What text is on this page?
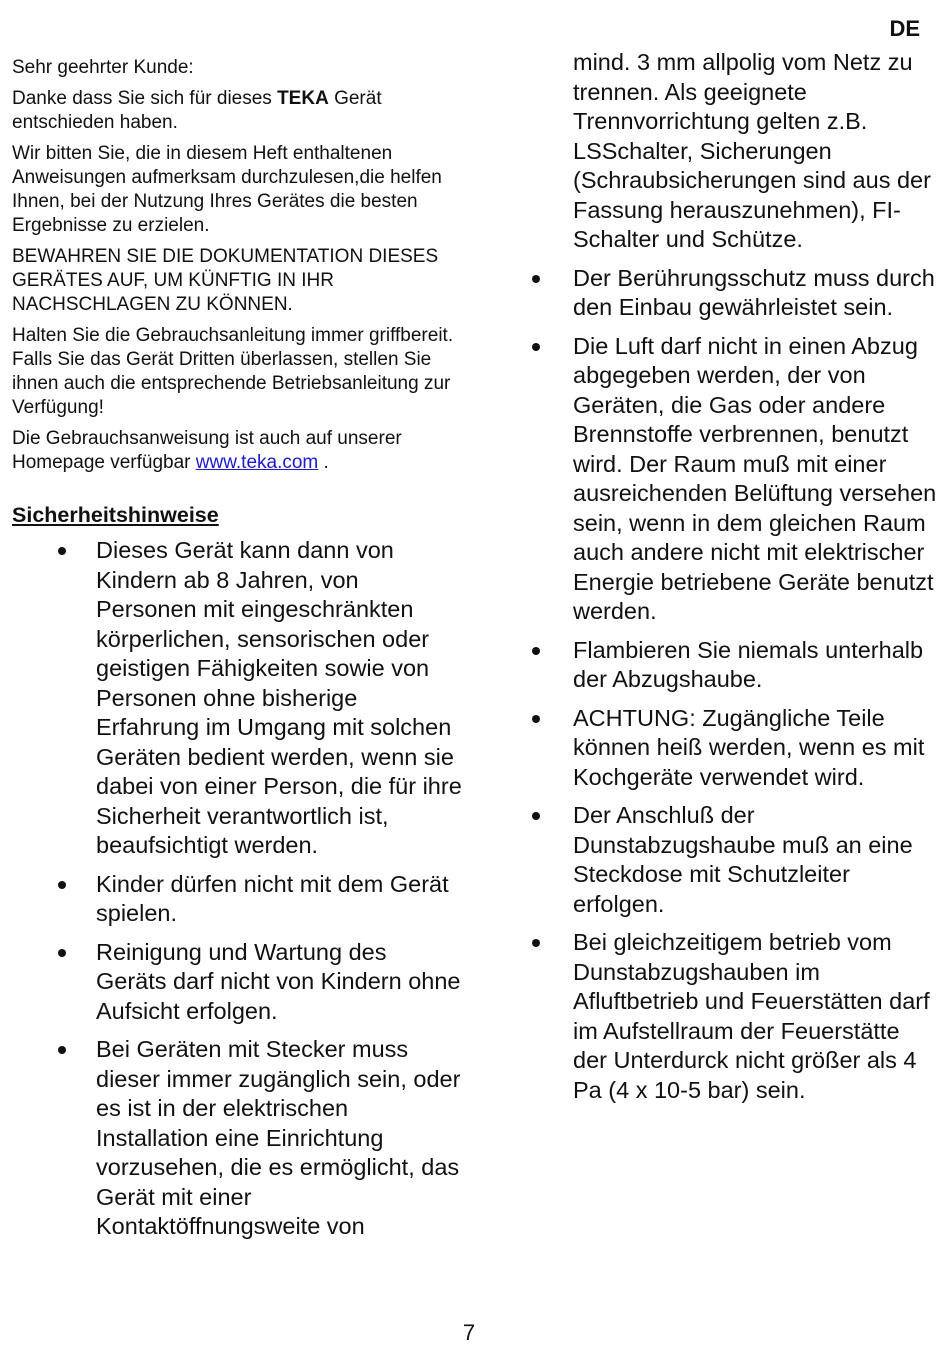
DE

Sehr geehrter Kunde:

Danke dass Sie sich für dieses TEKA Gerät entschieden haben.

Wir bitten Sie, die in diesem Heft enthaltenen Anweisungen aufmerksam durchzulesen,die helfen Ihnen, bei der Nutzung Ihres Gerätes die besten Ergebnisse zu erzielen.

BEWAHREN SIE DIE DOKUMENTATION DIESES GERÄTES AUF, UM KÜNFTIG IN IHR NACHSCHLAGEN ZU KÖNNEN.

Halten Sie die Gebrauchsanleitung immer griffbereit. Falls Sie das Gerät Dritten überlassen, stellen Sie ihnen auch die entsprechende Betriebsanleitung zur Verfügung!

Die Gebrauchsanweisung ist auch auf unserer Homepage verfügbar www.teka.com .

Sicherheitshinweise
Dieses Gerät kann dann von Kindern ab 8 Jahren, von Personen mit eingeschränkten körperlichen, sensorischen oder geistigen Fähigkeiten sowie von Personen ohne bisherige Erfahrung im Umgang mit solchen Geräten bedient werden, wenn sie dabei von einer Person, die für ihre Sicherheit verantwortlich ist, beaufsichtigt werden.
Kinder dürfen nicht mit dem Gerät spielen.
Reinigung und Wartung des Geräts darf nicht von Kindern ohne Aufsicht erfolgen.
Bei Geräten mit Stecker muss dieser immer zugänglich sein, oder es ist in der elektrischen Installation eine Einrichtung vorzusehen, die es ermöglicht, das Gerät mit einer Kontaktöffnungsweite von
mind. 3 mm allpolig vom Netz zu trennen. Als geeignete Trennvorrichtung gelten z.B. LSSchalter, Sicherungen (Schraubsicherungen sind aus der Fassung herauszunehmen), FI-Schalter und Schütze.
Der Berührungsschutz muss durch den Einbau gewährleistet sein.
Die Luft darf nicht in einen Abzug abgegeben werden, der von Geräten, die Gas oder andere Brennstoffe verbrennen, benutzt wird. Der Raum muß mit einer ausreichenden Belüftung versehen sein, wenn in dem gleichen Raum auch andere nicht mit elektrischer Energie betriebene Geräte benutzt werden.
Flambieren Sie niemals unterhalb der Abzugshaube.
ACHTUNG: Zugängliche Teile können heiß werden, wenn es mit Kochgeräte verwendet wird.
Der Anschluß der Dunstabzugshaube muß an eine Steckdose mit Schutzleiter erfolgen.
Bei gleichzeitigem betrieb vom Dunstabzugshauben im Afluftbetrieb und Feuerstätten darf im Aufstellraum der Feuerstätte der Unterdurck nicht größer als 4 Pa (4 x 10-5 bar) sein.
7
